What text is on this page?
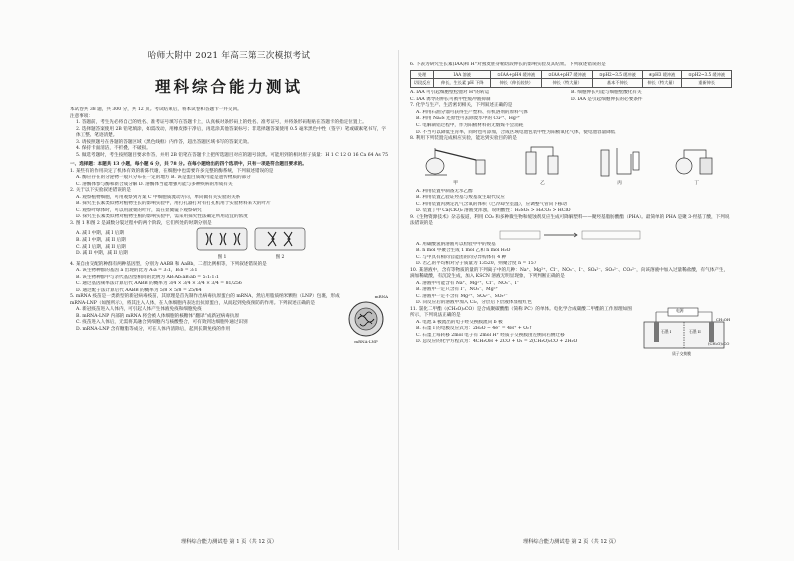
哈师大附中 2021 年高三第三次模拟考试
理科综合能力测试

本试卷共 38 题，共 300 分，共 12 页。考试结束后，将本试卷和答题卡一并交回。

注意事项：

1. 答题前，考生先必将自己的姓名、准考证号填写在答题卡上，认真核对条形码上的姓名、准考证号，并将条形码粘贴在答题卡的指定位置上。

2. 选择题答案使用 2B 铅笔填涂，如需改动，用橡皮擦干净后，再选涂其他答案标号；非选择题答案使用 0.5 毫米黑色中性（签字）笔或碳素笔书写，字体工整、笔迹清楚。

3. 请按照题号在各题的答题区域（黑色线框）内作答，超出答题区域书写的答案无效。

4. 保持卡面清洁，不折叠，不破损。

5. 做选考题时，考生按照题目要求作答，并用 2B 铅笔在答题卡上把所选题目对应的题号涂黑。可能用到的相对原子质量：H 1 C 12 O 16 Ca 64 As 75

一、选择题：本题共 13 小题，每小题 6 分，共 78 分。在每小题给出的四个选项中，只有一项是符合题目要求的。

1. 某些有的作用决定了机体有效的新陈代谢，在细胞中也需要许多完整的酶系统，下列叙述错误的是

A. 酶应存在的分泌物一般只分布在一定的地方 B. 该是蛋白质或可能是遗传物质的部分

C. 溶酶体参与酶和新合成分解 D. 溶酶体当能增强可能与多种疾病的形成有关

2. 关于以下实验叙述错误的是

A. 观察植物细胞，可用观察到方案 C 中细胞质流动方向，单向做有关实验的关系

B. 探究生长素类似物对植物生长的影响实验中，用打孔器打对有打孔机用于实验材料来大的叶片

C. 观察叶绿体时，可以用菠菜的叶片，需在显微镜下观察研究

D. 探究生长素类似物对植物生根的影响实验中，需采用探究性法确定所用适宜的浓度

3. 图 1 和图 2 是减数分裂过程中的两个阶段，它们所处的时期分别是

A. 减 I 中期，减 I 后期

B. 减 I 中期，减 II 后期

C. 减 I 后期，减 II 后期

D. 减 II 中期，减 II 后期

图 1	图 2

4. 某自由交配的种群有两种基因型，分别为 AABB 和 AaBb，二者比例相等，下列叙述错误的是

A. 该生物种群的基因 a 出现的比为 A:a = 3:1，B:b = 3:1

B. 该生物种群中与亲代基因型相同的比例为 AB:Ab:aB:ab = 5:1:1:1

C. 通过基因频率法计算后代 AABB 的概率为 3/4 × 3/4 × 3/4 × 3/4 = 81/256

D. 通过配子法计算后代 AABB 的概率为 5/8 × 5/8 = 25/64

5. mRNA 疫苗是一类新型的新冠病毒疫苗，其原理是首先制作出病毒抗原蛋白的 mRNA，然后用脂质纳米颗粒（LNP）包裹，形成 mRNA-LNP（如图所示），将其注入人体，在人体细胞内表达出抗原蛋白，从而起到免疫预防的作用。下列叙述正确的是

A. 新冠疫苗进入人体内，可引起人体产生体液免疫和细胞免疫

B. mRNA-LNP 内部的 mRNA 将会被人体细胞的核糖体“翻译”成新冠病毒抗原

C. 疫苗进入人体后，无需将其融合到细胞内与核酸整合，可有效到达细胞外通过识别

D. mRNA-LNP 含有糖脂等成分，可在人体内清除后，起到长期免疫的作用

mRNA
mRNA-LNP
理科综合能力测试卷 第 1 页（共 12 页）

6. 下表为研究生长素(IAA)和 H⁺对燕麦胚芽鞘切段伸长的影响实验及其结果。下列叙述错误的是

处理	IAA 溶液	①IAA+pH4 缓冲液	②IAA+pH7 缓冲液	③pH2~3.5 缓冲液	④pH3 缓冲液	⑤pH2~3.5 缓冲液
切段反应	伸长，生长素 pH 下降	伸长（伸长较快）	伸长（特大量）	基本不伸长	伸长（特大量）	重新伸长
A. IAA 可引起细胞壁松弛对 H⁺的转运	B. 细胞伸长可能与细胞壁酸化有关
C. IAA 诱导的伸长可被中性缓冲液抑制	D. IAA 是引起细胞伸长的必要条件

7. 化学与生产、生活密切相关，下列叙述正确的是

A. 利用石油分馏可获得生产塑料、有机溶剂的原料气体

B. 利用 Na₂S 还原性可去除废水中的 Cu²⁺、Hg²⁺

C. 电解制铝过程中，作为阳极材料的无烟煤不会消耗

D. 不当可以降低生育率，同时也可添加，合成区域电池包装中性为阳极氧化气体，使电池容量降低

8. 利用下列装置完成相应实验，能达到实验目的的是

甲	乙	丙	丁

A. 利用装置甲制备无水乙醇

B. 利用装置乙验证羟基与羧基发生取代反应

C. 利用装置丙测定乳气含氧的体积（已冷却至室温），应调整气管向下移动

D. 装置丁中 Ca(ClO)₂ 溶液变浑浊，说明酸性：H₂SO₃ > H₂CO₃ > HClO

9.《生物资源技术》杂志报道，利用 CO₂ 和多种微生物和缓蚀剂反应生成可降解塑料——聚羟基脂肪酸酯（PHA）。最简单的 PHA 是聚 3-羟基丁酸，下列说法错误的是

A. 用碳酸氢钠溶液可以检验甲中的羧基

B. n mol 甲聚合生成 1 mol 乙和 n mol H₂O

C. 与甲具有相同官能团的同分异构体有 4 种

D. 若乙的平均相对分子质量为 13520，则聚合度 n = 157

10. 某溶液中，含有等物质的量的下列离子中的几种：Na⁺、Mg²⁺、Cl⁻、NO₃⁻、I⁻、SO₄²⁻、SO₃²⁻、CO₃²⁻，向该溶液中加入过量稀盐酸，有气体产生，滴加稀硫酸，有沉淀生成，加入 KSCN 溶液无明显现象，下列判断正确的是

A. 溶液中可能含有 Na⁺、Mg²⁺、Cl⁻、NO₃⁻、I⁻

B. 溶液中一定只含有 I⁻、NO₃⁻、Mg²⁺

C. 溶液中一定不含有 Mg²⁺、SO₄²⁻、SO₃²⁻

D. 向反应后的溶液中加入 Cl₂，分层后下层液体显橙红色

11. 氯化二甲酯（(CH₃O)₂CO）是合成聚碳酸酯（简称 PC）的单体。电化学合成碳酸二甲酯的工作原理如图所示，下列说法正确的是

A. 电池 a 极流出的电子经交换膜流向 b 极

B. 石墨 I 的电极反应式为：2H₂O − 4e⁻ = 4H⁺ + O₂↑

C. 石墨上每转移 2mol 电子有 2mol H⁺ 经质子交换膜由左侧向右侧迁移

D. 总反应的化学方程式为：4CH₃OH + 2CO + O₂ = 2(CH₃O)₂CO + 2H₂O

电源
石墨 I	石墨 II
质子交换膜
CH₃OH
(CH₃O)₂CO
理科综合能力测试卷 第 2 页（共 12 页）
